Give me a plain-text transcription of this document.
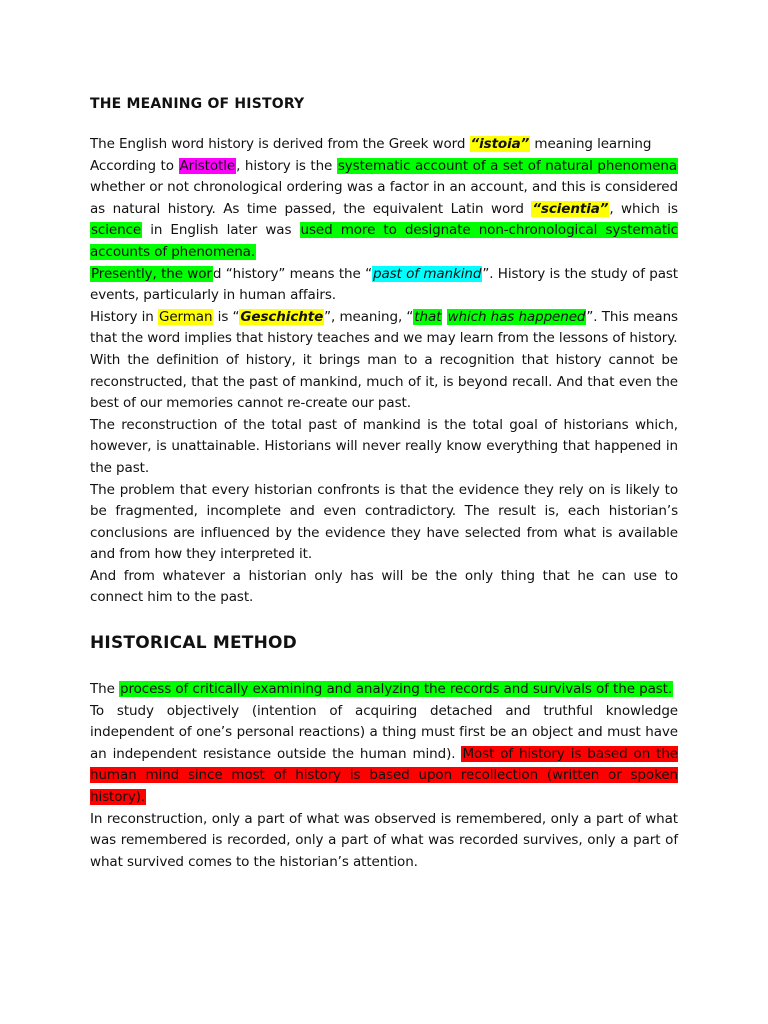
THE MEANING OF HISTORY

The English word history is derived from the Greek word “istoia” meaning learning

According to Aristotle, history is the systematic account of a set of natural phenomena whether or not chronological ordering was a factor in an account, and this is considered as natural history. As time passed, the equivalent Latin word “scientia”, which is science in English later was used more to designate non-chronological systematic accounts of phenomena.

Presently, the word “history” means the “past of mankind”. History is the study of past events, particularly in human affairs.

History in German is “Geschichte”, meaning, “that which has happened”. This means that the word implies that history teaches and we may learn from the lessons of history.

With the definition of history, it brings man to a recognition that history cannot be reconstructed, that the past of mankind, much of it, is beyond recall. And that even the best of our memories cannot re-create our past.

The reconstruction of the total past of mankind is the total goal of historians which, however, is unattainable. Historians will never really know everything that happened in the past.

The problem that every historian confronts is that the evidence they rely on is likely to be fragmented, incomplete and even contradictory. The result is, each historian’s conclusions are influenced by the evidence they have selected from what is available and from how they interpreted it.

And from whatever a historian only has will be the only thing that he can use to connect him to the past.

HISTORICAL METHOD

The process of critically examining and analyzing the records and survivals of the past.

To study objectively (intention of acquiring detached and truthful knowledge independent of one’s personal reactions) a thing must first be an object and must have an independent resistance outside the human mind). Most of history is based on the human mind since most of history is based upon recollection (written or spoken history).

In reconstruction, only a part of what was observed is remembered, only a part of what was remembered is recorded, only a part of what was recorded survives, only a part of what survived comes to the historian’s attention.
